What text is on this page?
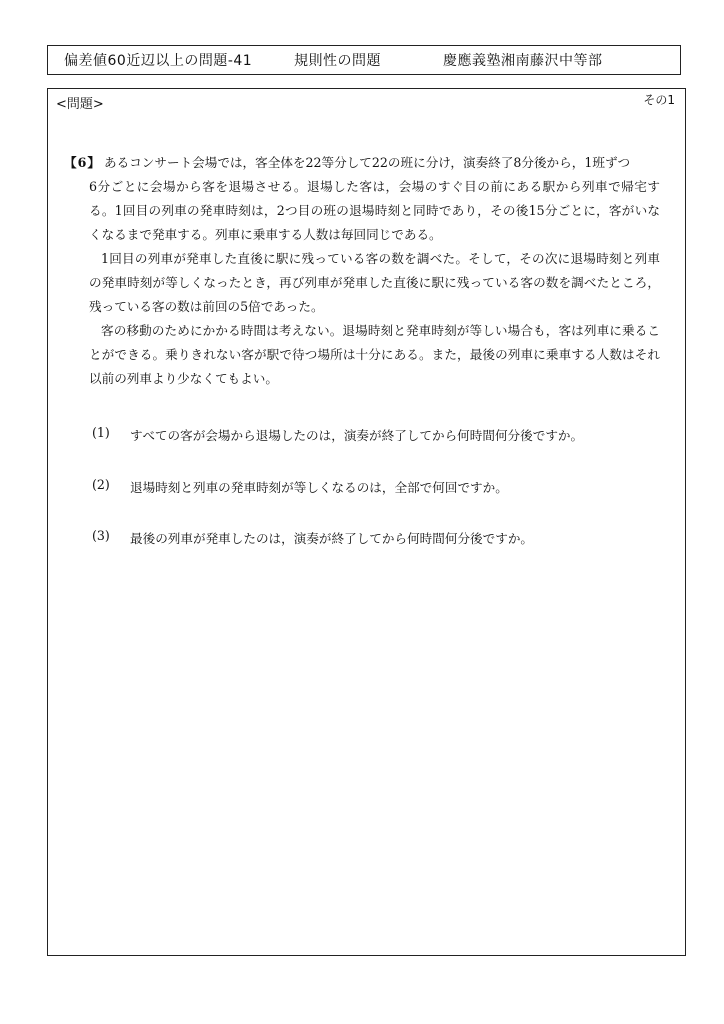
偏差値60近辺以上の問題-41	規則性の問題	慶應義塾湘南藤沢中等部
<問題>	その1
【6】 あるコンサート会場では，客全体を22等分して22の班に分け，演奏終了8分後から，1班ずつ

6分ごとに会場から客を退場させる。退場した客は，会場のすぐ目の前にある駅から列車で帰宅する。1回目の列車の発車時刻は，2つ目の班の退場時刻と同時であり，その後15分ごとに，客がいなくなるまで発車する。列車に乗車する人数は毎回同じである。

1回目の列車が発車した直後に駅に残っている客の数を調べた。そして，その次に退場時刻と列車の発車時刻が等しくなったとき，再び列車が発車した直後に駅に残っている客の数を調べたところ，残っている客の数は前回の5倍であった。

客の移動のためにかかる時間は考えない。退場時刻と発車時刻が等しい場合も，客は列車に乗ることができる。乗りきれない客が駅で待つ場所は十分にある。また，最後の列車に乗車する人数はそれ以前の列車より少なくてもよい。

(1)	すべての客が会場から退場したのは，演奏が終了してから何時間何分後ですか。
(2)	退場時刻と列車の発車時刻が等しくなるのは，全部で何回ですか。
(3)	最後の列車が発車したのは，演奏が終了してから何時間何分後ですか。
